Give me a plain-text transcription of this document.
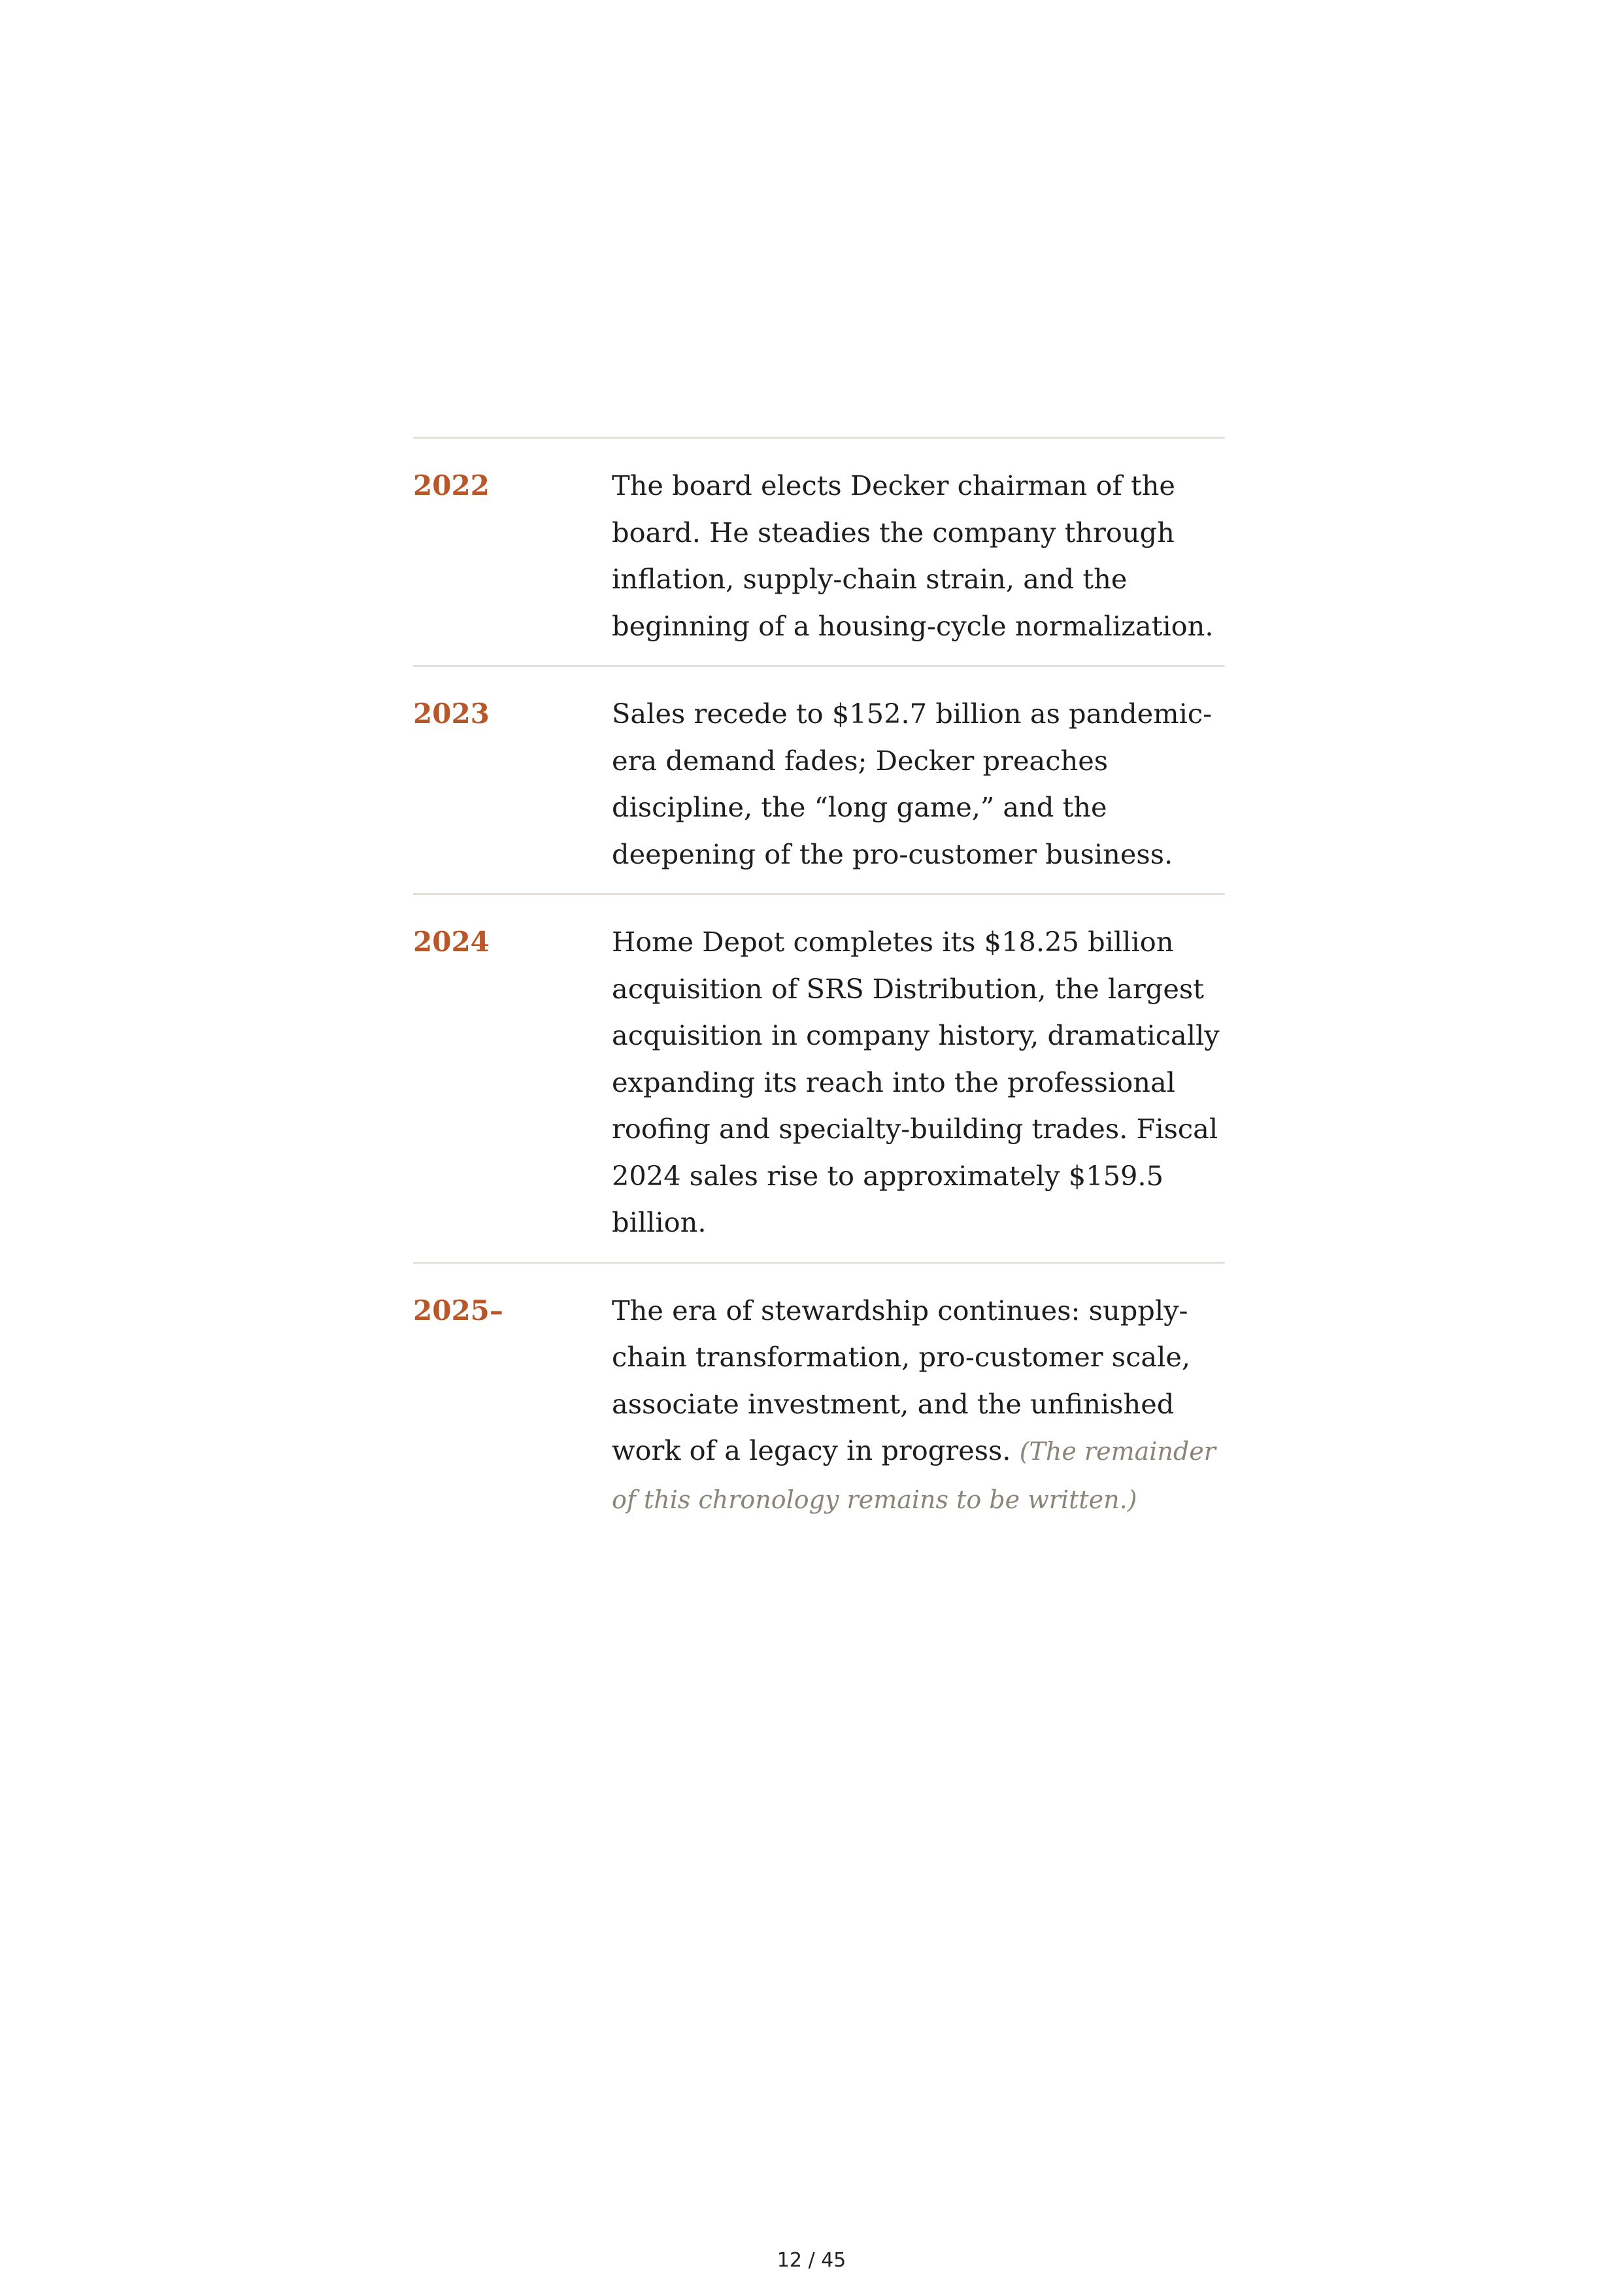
2022	The board elects Decker chairman of the board. He steadies the company through inflation, supply-chain strain, and the beginning of a housing-cycle normalization.

2023	Sales recede to $152.7 billion as pandemic-era demand fades; Decker preaches discipline, the “long game,” and the deepening of the pro-customer business.

2024	Home Depot completes its $18.25 billion acquisition of SRS Distribution, the largest acquisition in company history, dramatically expanding its reach into the professional roofing and specialty-building trades. Fiscal 2024 sales rise to approximately $159.5 billion.

2025–	The era of stewardship continues: supply-chain transformation, pro-customer scale, associate investment, and the unfinished work of a legacy in progress. (The remainder of this chronology remains to be written.)

12 / 45
